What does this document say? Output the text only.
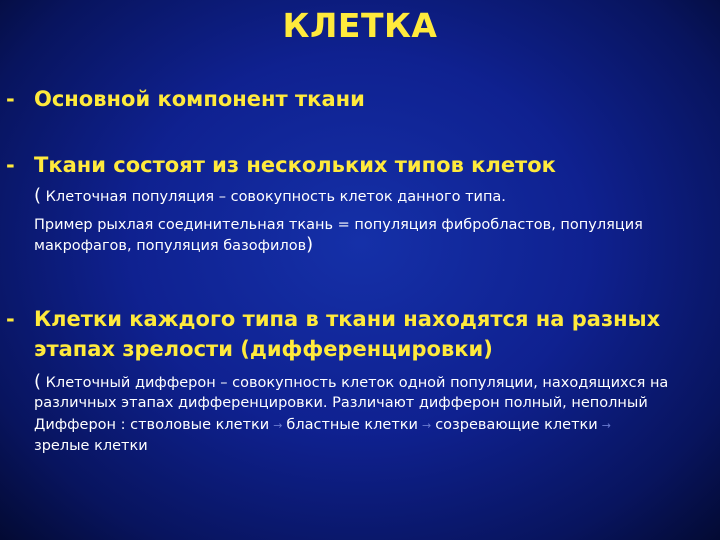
КЛЕТКА
- Основной компонент ткани
- Ткани состоят из нескольких типов клеток
( Клеточная популяция – совокупность клеток данного типа.
Пример рыхлая соединительная ткань = популяция фибробластов, популяция макрофагов, популяция базофилов)
- Клетки каждого типа в ткани находятся на разных этапах зрелости (дифференцировки)
( Клеточный дифферон – совокупность клеток одной популяции, находящихся на различных этапах дифференцировки. Различают дифферон полный, неполный
Дифферон : стволовые клетки → бластные клетки → созревающие клетки →
зрелые клетки
